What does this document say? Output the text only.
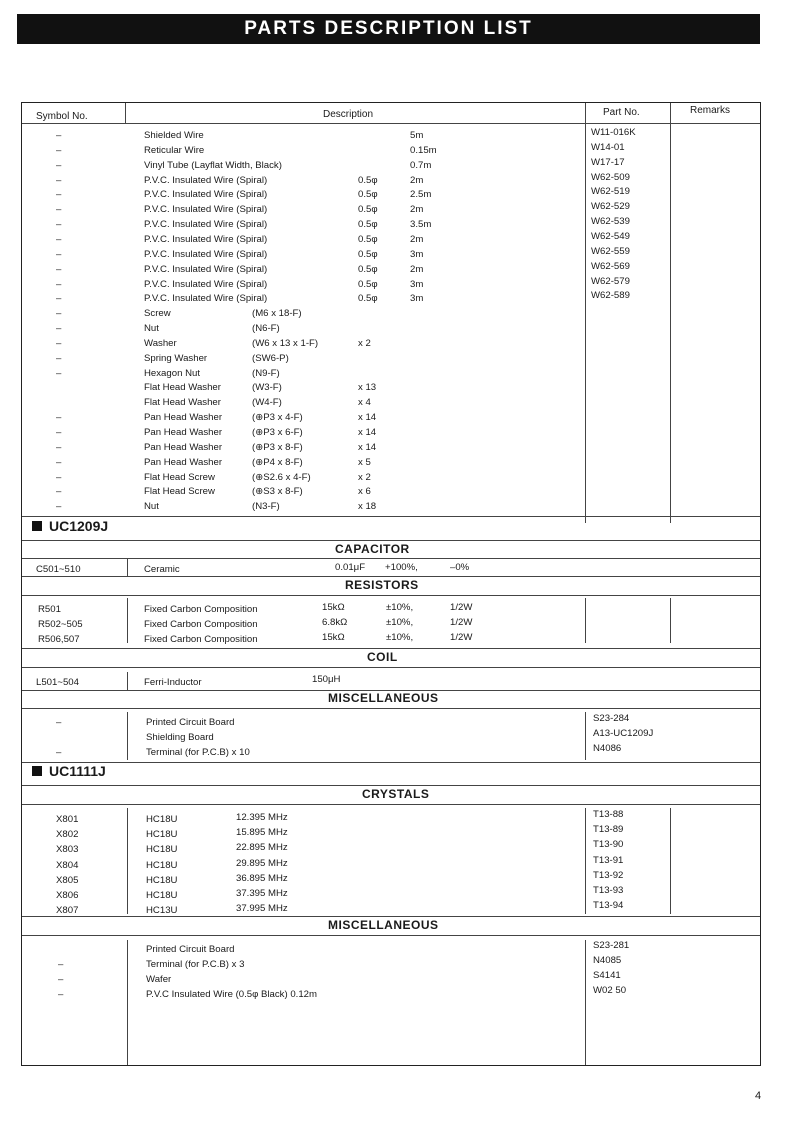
PARTS DESCRIPTION LIST
Symbol No.	Description	Part No.	Remarks
–	Shielded Wire	5m	W11-016K
–	Reticular Wire	0.15m	W14-01
–	Vinyl Tube (Layflat Width, Black)	0.7m	W17-17
–	P.V.C. Insulated Wire (Spiral)	0.5φ	2m	W62-509
–	P.V.C. Insulated Wire (Spiral)	0.5φ	2.5m	W62-519
–	P.V.C. Insulated Wire (Spiral)	0.5φ	2m	W62-529
–	P.V.C. Insulated Wire (Spiral)	0.5φ	3.5m	W62-539
–	P.V.C. Insulated Wire (Spiral)	0.5φ	2m	W62-549
–	P.V.C. Insulated Wire (Spiral)	0.5φ	3m	W62-559
–	P.V.C. Insulated Wire (Spiral)	0.5φ	2m	W62-569
–	P.V.C. Insulated Wire (Spiral)	0.5φ	3m	W62-579
–	P.V.C. Insulated Wire (Spiral)	0.5φ	3m	W62-589
–	Screw	(M6 x 18-F)
–	Nut	(N6-F)
–	Washer	(W6 x 13 x 1-F)	x 2
–	Spring Washer	(SW6-P)
–	Hexagon Nut	(N9-F)
Flat Head Washer	(W3-F)	x 13
Flat Head Washer	(W4-F)	x 4
–	Pan Head Washer	(⊕P3 x 4-F)	x 14
–	Pan Head Washer	(⊕P3 x 6-F)	x 14
–	Pan Head Washer	(⊕P3 x 8-F)	x 14
–	Pan Head Washer	(⊕P4 x 8-F)	x 5
–	Flat Head Screw	(⊕S2.6 x 4-F)	x 2
–	Flat Head Screw	(⊕S3 x 8-F)	x 6
–	Nut	(N3-F)	x 18
UC1209J
CAPACITOR
C501~510	Ceramic	0.01μF +100%,	–0%
RESISTORS
R501	Fixed Carbon Composition	15kΩ	±10%,	1/2W
R502~505	Fixed Carbon Composition	6.8kΩ	±10%,	1/2W
R506,507	Fixed Carbon Composition	15kΩ	±10%,	1/2W
COIL
L501~504	Ferri-Inductor	150μH
MISCELLANEOUS
–	Printed Circuit Board	S23-284
Shielding Board	A13-UC1209J
–	Terminal (for P.C.B) x 10	N4086
UC1111J
CRYSTALS
X801	HC18U	12.395 MHz	T13-88
X802	HC18U	15.895 MHz	T13-89
X803	HC18U	22.895 MHz	T13-90
X804	HC18U	29.895 MHz	T13-91
X805	HC18U	36.895 MHz	T13-92
X806	HC18U	37.395 MHz	T13-93
X807	HC13U	37.995 MHz	T13-94
MISCELLANEOUS
Printed Circuit Board	S23-281
–	Terminal (for P.C.B) x 3	N4085
–	Wafer	S4141
–	P.V.C Insulated Wire (0.5φ Black) 0.12m	W02 50
4
